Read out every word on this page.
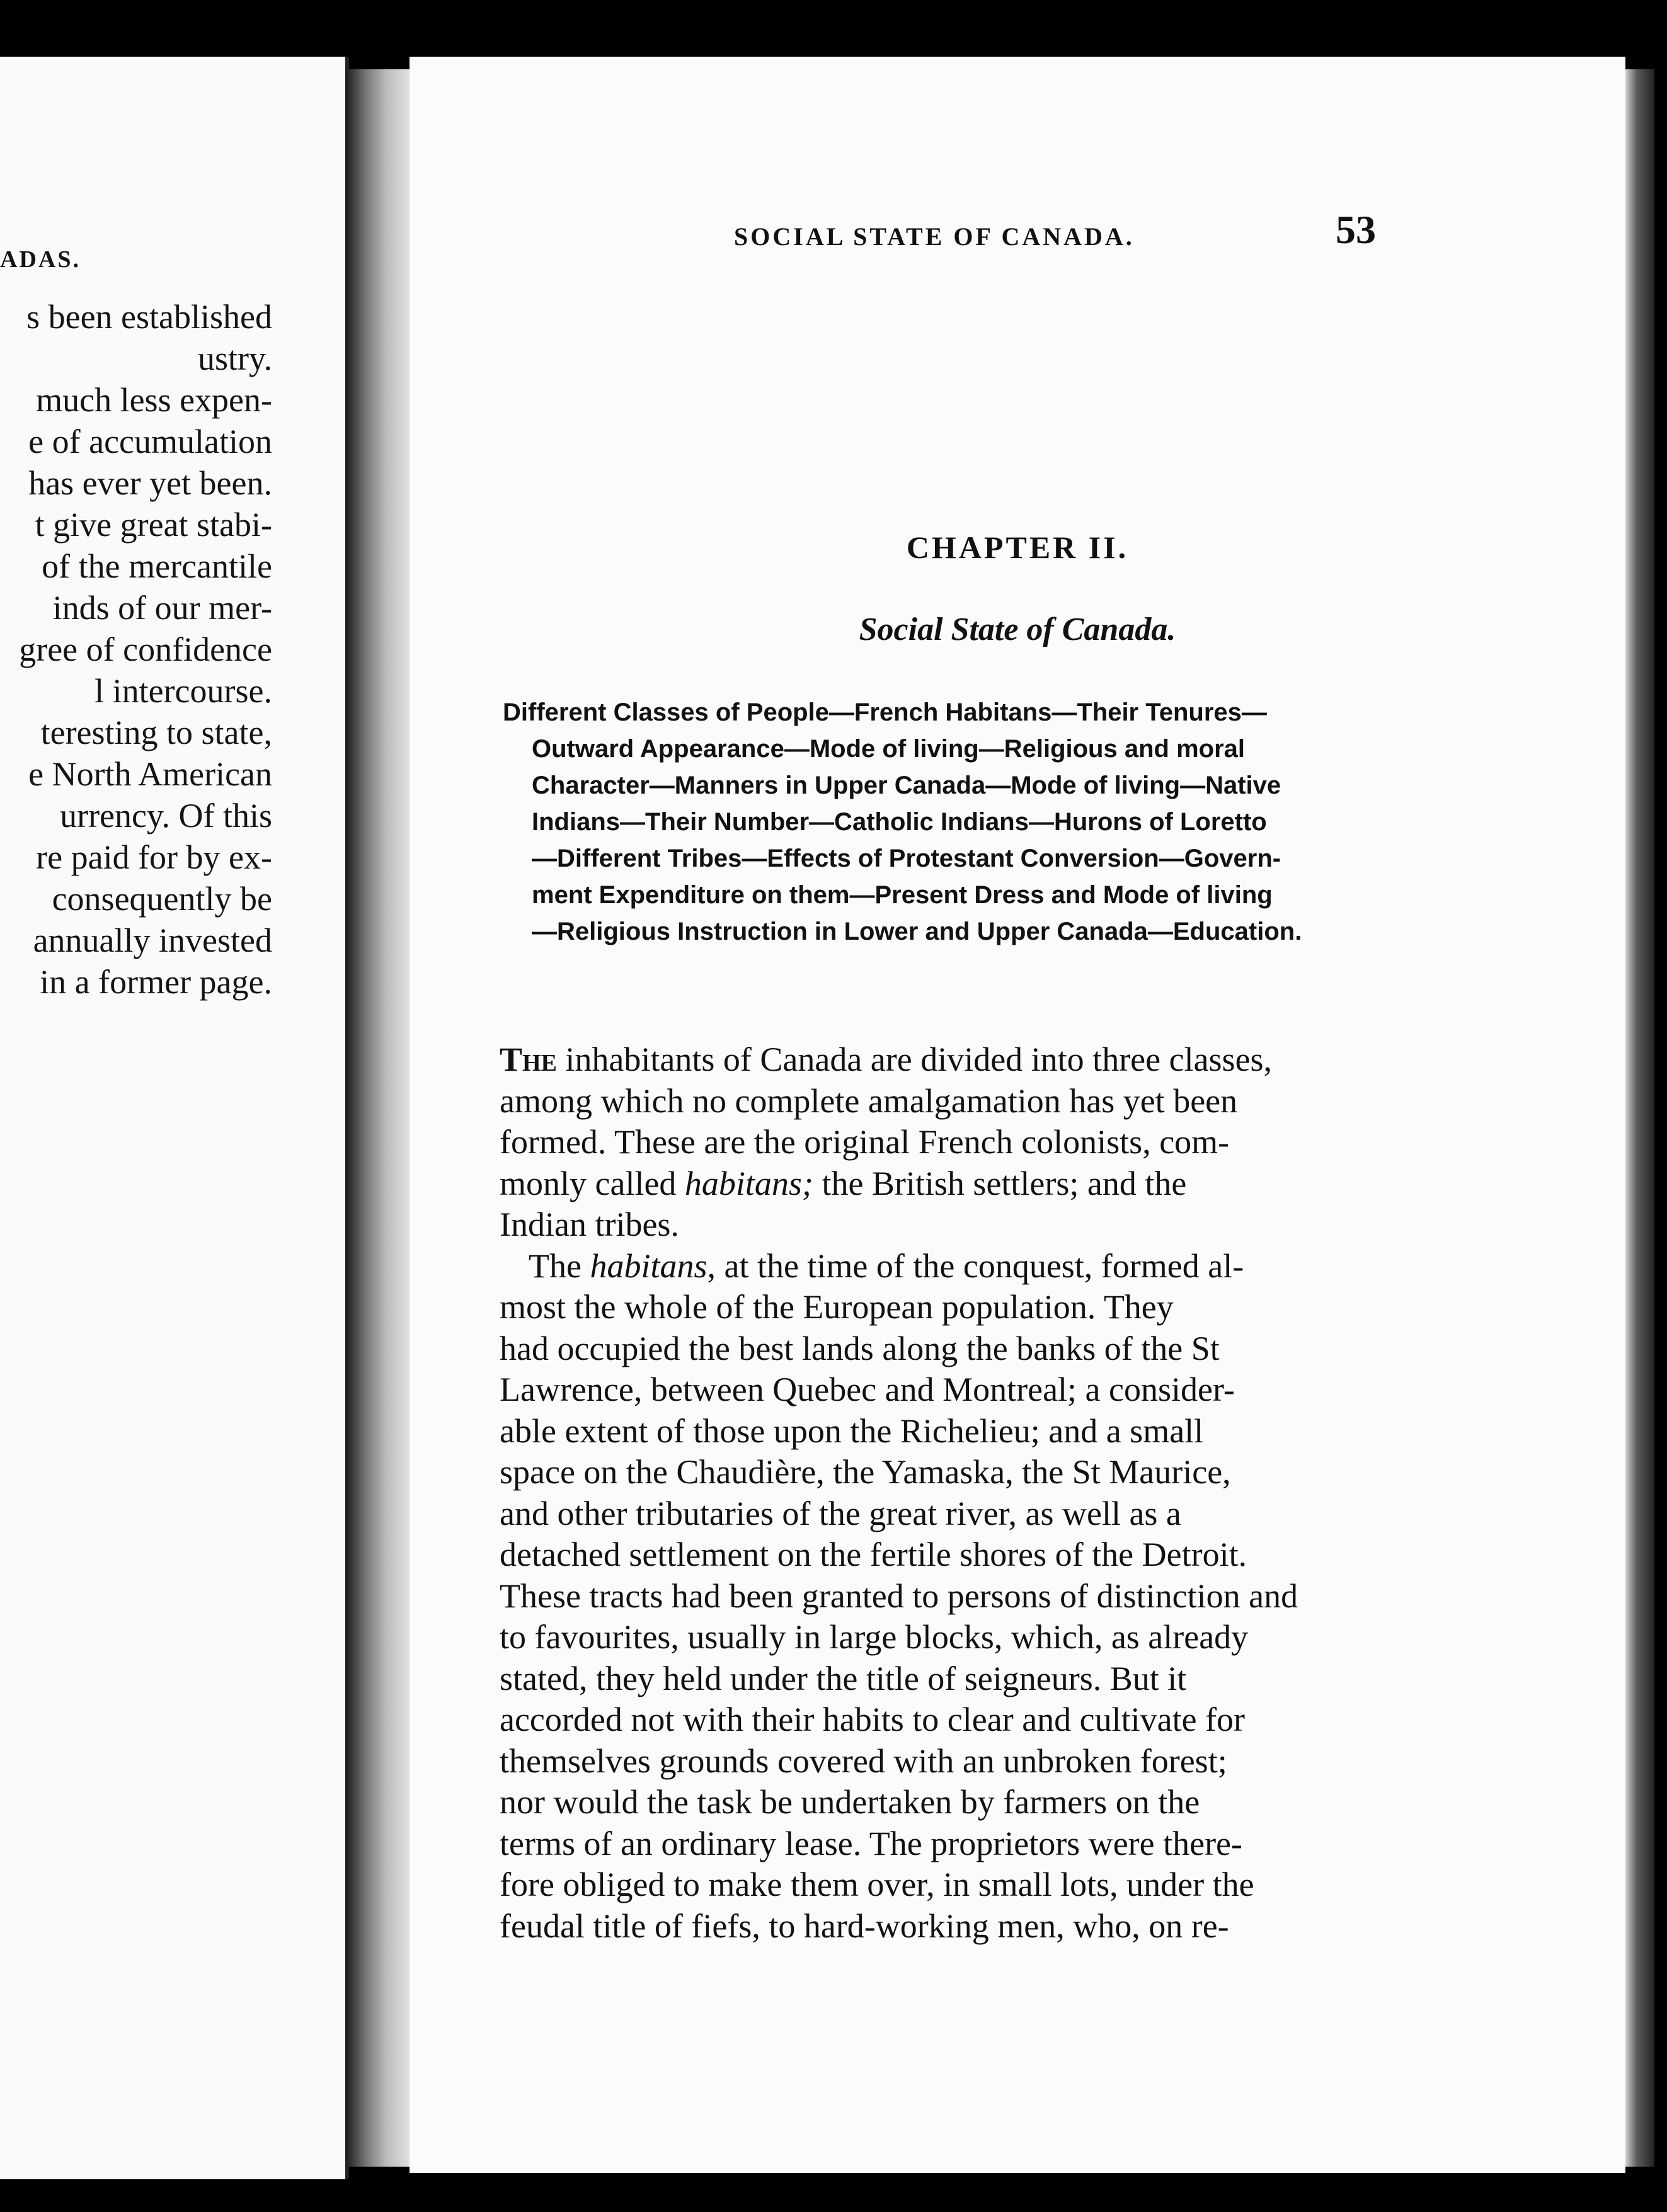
ADAS.
s been established
ustry.
much less expen-
e of accumulation
has ever yet been.
t give great stabi-
of the mercantile
inds of our mer-
gree of confidence
l intercourse.
teresting to state,
e North American
urrency. Of this
re paid for by ex-
consequently be
annually invested
in a former page.
SOCIAL STATE OF CANADA.	53
CHAPTER II.
Social State of Canada.
Different Classes of People—French Habitans—Their Tenures—
Outward Appearance—Mode of living—Religious and moral
Character—Manners in Upper Canada—Mode of living—Native
Indians—Their Number—Catholic Indians—Hurons of Loretto
—Different Tribes—Effects of Protestant Conversion—Govern-
ment Expenditure on them—Present Dress and Mode of living
—Religious Instruction in Lower and Upper Canada—Education.
The inhabitants of Canada are divided into three classes,
among which no complete amalgamation has yet been
formed. These are the original French colonists, com-
monly called habitans; the British settlers; and the
Indian tribes.
The habitans, at the time of the conquest, formed al-
most the whole of the European population. They
had occupied the best lands along the banks of the St
Lawrence, between Quebec and Montreal; a consider-
able extent of those upon the Richelieu; and a small
space on the Chaudière, the Yamaska, the St Maurice,
and other tributaries of the great river, as well as a
detached settlement on the fertile shores of the Detroit.
These tracts had been granted to persons of distinction and
to favourites, usually in large blocks, which, as already
stated, they held under the title of seigneurs. But it
accorded not with their habits to clear and cultivate for
themselves grounds covered with an unbroken forest;
nor would the task be undertaken by farmers on the
terms of an ordinary lease. The proprietors were there-
fore obliged to make them over, in small lots, under the
feudal title of fiefs, to hard-working men, who, on re-
